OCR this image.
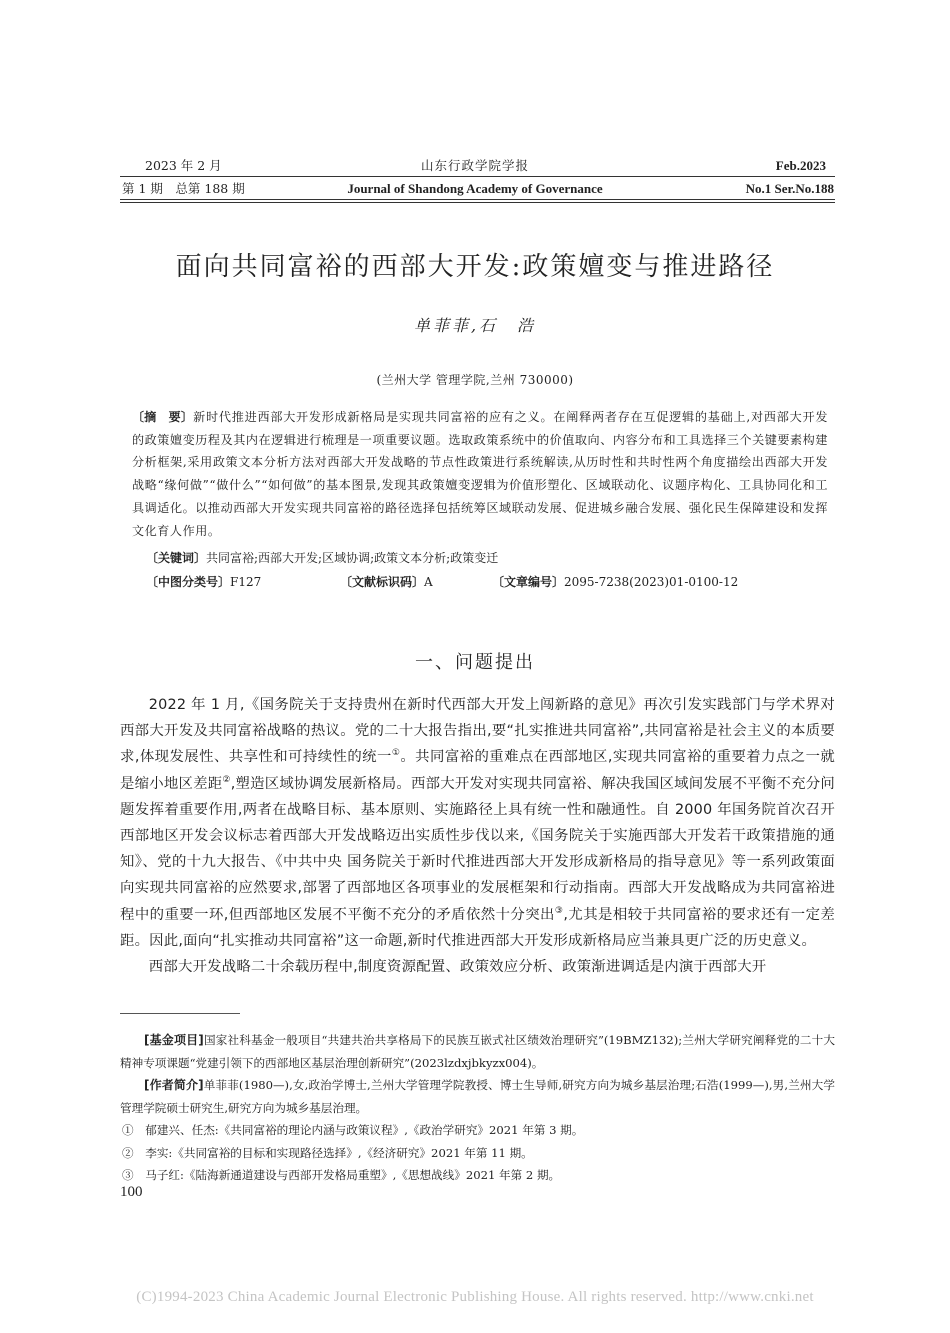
2023 年 2 月	山东行政学院学报	Feb.2023
第 1 期　总第 188 期	Journal of Shandong Academy of Governance	No.1 Ser.No.188
面向共同富裕的西部大开发:政策嬗变与推进路径
单菲菲,石　浩
(兰州大学 管理学院,兰州 730000)
〔摘　要〕新时代推进西部大开发形成新格局是实现共同富裕的应有之义。在阐释两者存在互促逻辑的基础上,对西部大开发的政策嬗变历程及其内在逻辑进行梳理是一项重要议题。选取政策系统中的价值取向、内容分布和工具选择三个关键要素构建分析框架,采用政策文本分析方法对西部大开发战略的节点性政策进行系统解读,从历时性和共时性两个角度描绘出西部大开发战略“缘何做”“做什么”“如何做”的基本图景,发现其政策嬗变逻辑为价值形塑化、区域联动化、议题序构化、工具协同化和工具调适化。以推动西部大开发实现共同富裕的路径选择包括统筹区域联动发展、促进城乡融合发展、强化民生保障建设和发挥文化育人作用。
〔关键词〕共同富裕;西部大开发;区域协调;政策文本分析;政策变迁
〔中图分类号〕F127	〔文献标识码〕A	〔文章编号〕2095-7238(2023)01-0100-12
一、问题提出

2022 年 1 月,《国务院关于支持贵州在新时代西部大开发上闯新路的意见》再次引发实践部门与学术界对西部大开发及共同富裕战略的热议。党的二十大报告指出,要“扎实推进共同富裕”,共同富裕是社会主义的本质要求,体现发展性、共享性和可持续性的统一①。共同富裕的重难点在西部地区,实现共同富裕的重要着力点之一就是缩小地区差距②,塑造区域协调发展新格局。西部大开发对实现共同富裕、解决我国区域间发展不平衡不充分问题发挥着重要作用,两者在战略目标、基本原则、实施路径上具有统一性和融通性。自 2000 年国务院首次召开西部地区开发会议标志着西部大开发战略迈出实质性步伐以来,《国务院关于实施西部大开发若干政策措施的通知》、党的十九大报告、《中共中央 国务院关于新时代推进西部大开发形成新格局的指导意见》等一系列政策面向实现共同富裕的应然要求,部署了西部地区各项事业的发展框架和行动指南。西部大开发战略成为共同富裕进程中的重要一环,但西部地区发展不平衡不充分的矛盾依然十分突出③,尤其是相较于共同富裕的要求还有一定差距。因此,面向“扎实推动共同富裕”这一命题,新时代推进西部大开发形成新格局应当兼具更广泛的历史意义。

西部大开发战略二十余载历程中,制度资源配置、政策效应分析、政策渐进调适是内演于西部大开

[基金项目]国家社科基金一般项目“共建共治共享格局下的民族互嵌式社区绩效治理研究”(19BMZ132);兰州大学研究阐释党的二十大精神专项课题“党建引领下的西部地区基层治理创新研究”(2023lzdxjbkyzx004)。

[作者简介]单菲菲(1980—),女,政治学博士,兰州大学管理学院教授、博士生导师,研究方向为城乡基层治理;石浩(1999—),男,兰州大学管理学院硕士研究生,研究方向为城乡基层治理。

①　 郁建兴、任杰:《共同富裕的理论内涵与政策议程》,《政治学研究》2021 年第 3 期。

②　 李实:《共同富裕的目标和实现路径选择》,《经济研究》2021 年第 11 期。

③　 马子红:《陆海新通道建设与西部开发格局重塑》,《思想战线》2021 年第 2 期。

100
(C)1994-2023 China Academic Journal Electronic Publishing House. All rights reserved. http://www.cnki.net
